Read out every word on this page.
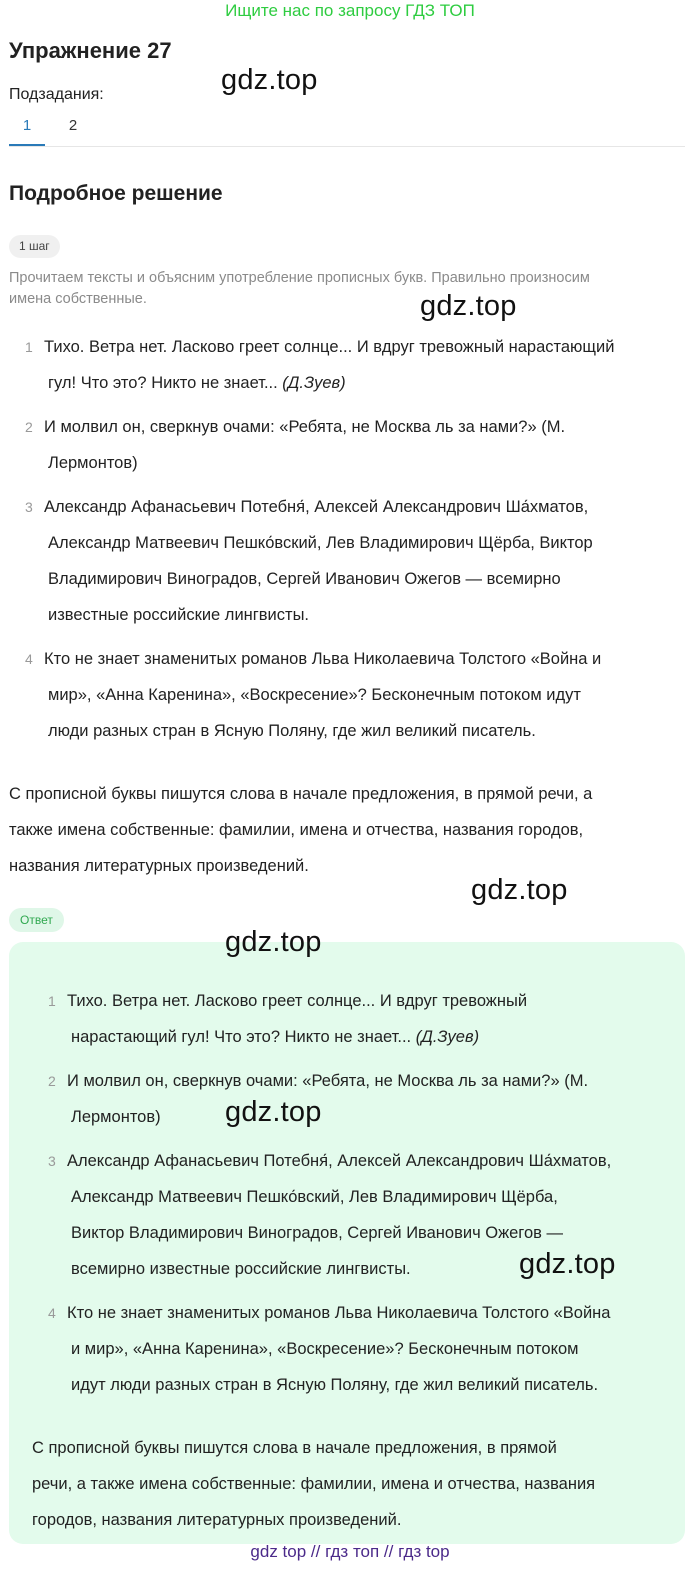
Ищите нас по запросу ГДЗ ТОП
Упражнение 27
gdz.top
Подзадания:
1	2
Подробное решение
1 шаг
Прочитаем тексты и объясним употребление прописных букв. Правильно произносим
имена собственные.	gdz.top
1 Тихо. Ветра нет. Ласково греет солнце... И вдруг тревожный нарастающий
гул! Что это? Никто не знает... (Д.Зуев)
2 И молвил он, сверкнув очами: «Ребята, не Москва ль за нами?» (М.
Лермонтов)
3 Александр Афанасьевич Потебня́, Алексей Александрович Ша́хматов,
Александр Матвеевич Пешко́вский, Лев Владимирович Щёрба, Виктор
Владимирович Виноградов, Сергей Иванович Ожегов — всемирно
известные российские лингвисты.
4 Кто не знает знаменитых романов Льва Николаевича Толстого «Война и
мир», «Анна Каренина», «Воскресение»? Бесконечным потоком идут
люди разных стран в Ясную Поляну, где жил великий писатель.
С прописной буквы пишутся слова в начале предложения, в прямой речи, а
также имена собственные: фамилии, имена и отчества, названия городов,
названия литературных произведений.
gdz.top
Ответ
gdz.top
1 Тихо. Ветра нет. Ласково греет солнце... И вдруг тревожный
нарастающий гул! Что это? Никто не знает... (Д.Зуев)
2 И молвил он, сверкнув очами: «Ребята, не Москва ль за нами?» (М.
Лермонтов)
3 Александр Афанасьевич Потебня́, Алексей Александрович Ша́хматов,
Александр Матвеевич Пешко́вский, Лев Владимирович Щёрба,
Виктор Владимирович Виноградов, Сергей Иванович Ожегов —
всемирно известные российские лингвисты.
4 Кто не знает знаменитых романов Льва Николаевича Толстого «Война
и мир», «Анна Каренина», «Воскресение»? Бесконечным потоком
идут люди разных стран в Ясную Поляну, где жил великий писатель.
gdz.top
gdz.top
С прописной буквы пишутся слова в начале предложения, в прямой
речи, а также имена собственные: фамилии, имена и отчества, названия
городов, названия литературных произведений.
gdz top // гдз топ // гдз top
